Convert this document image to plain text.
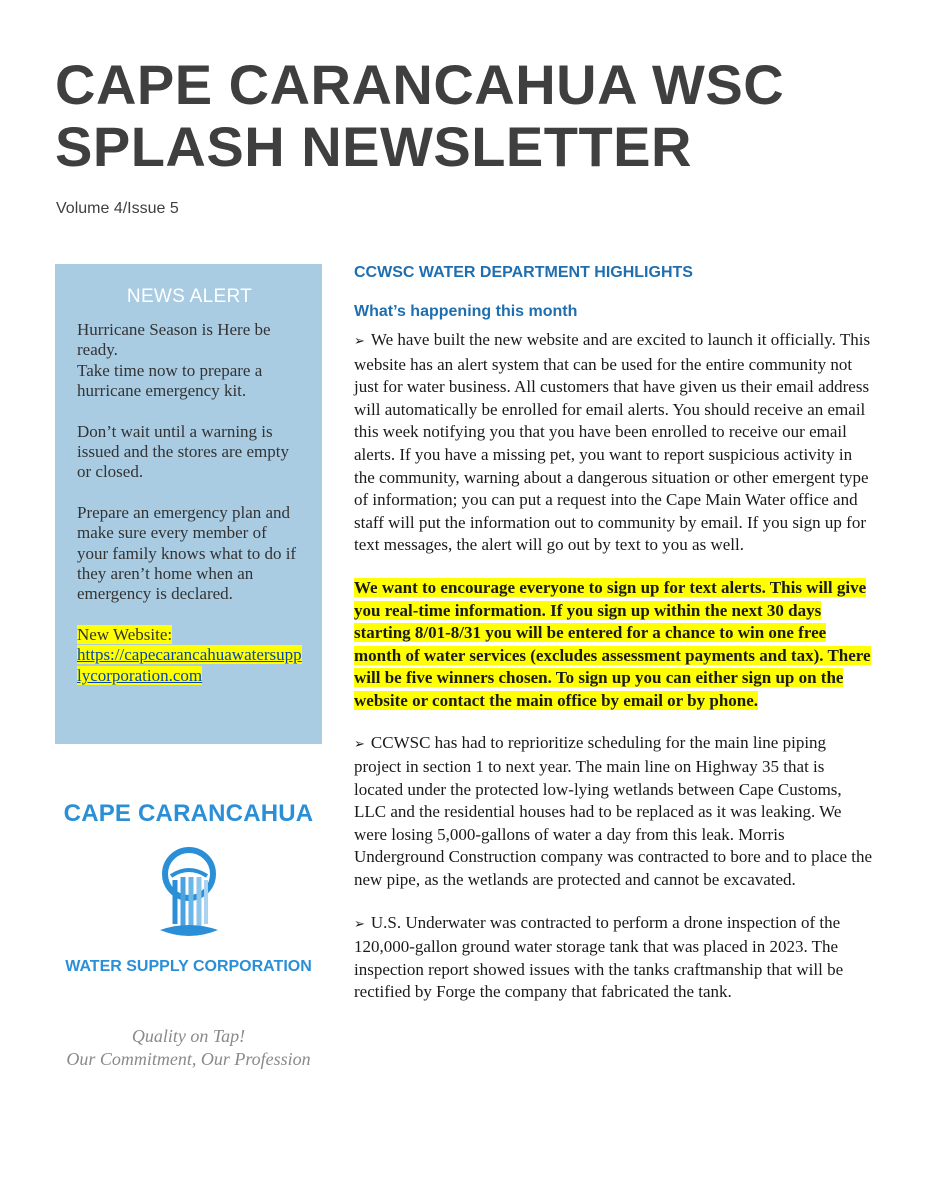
CAPE CARANCAHUA WSC
SPLASH NEWSLETTER
Volume 4/Issue 5
NEWS ALERT

Hurricane Season is Here be ready.
Take time now to prepare a hurricane emergency kit.

Don’t wait until a warning is issued and the stores are empty or closed.

Prepare an emergency plan and make sure every member of your family knows what to do if they aren’t home when an emergency is declared.

New Website:
https://capecarancahuawatersupplycorporation.com

CAPE CARANCAHUA
WATER SUPPLY CORPORATION
Quality on Tap!
Our Commitment, Our Profession
CCWSC WATER DEPARTMENT HIGHLIGHTS
What’s happening this month

➢ We have built the new website and are excited to launch it officially. This website has an alert system that can be used for the entire community not just for water business. All customers that have given us their email address will automatically be enrolled for email alerts. You should receive an email this week notifying you that you have been enrolled to receive our email alerts. If you have a missing pet, you want to report suspicious activity in the community, warning about a dangerous situation or other emergent type of information; you can put a request into the Cape Main Water office and staff will put the information out to community by email. If you sign up for text messages, the alert will go out by text to you as well.

We want to encourage everyone to sign up for text alerts. This will give you real-time information. If you sign up within the next 30 days starting 8/01-8/31 you will be entered for a chance to win one free month of water services (excludes assessment payments and tax). There will be five winners chosen. To sign up you can either sign up on the website or contact the main office by email or by phone.

➢ CCWSC has had to reprioritize scheduling for the main line piping project in section 1 to next year. The main line on Highway 35 that is located under the protected low-lying wetlands between Cape Customs, LLC and the residential houses had to be replaced as it was leaking. We were losing 5,000-gallons of water a day from this leak. Morris Underground Construction company was contracted to bore and to place the new pipe, as the wetlands are protected and cannot be excavated.

➢ U.S. Underwater was contracted to perform a drone inspection of the 120,000-gallon ground water storage tank that was placed in 2023. The inspection report showed issues with the tanks craftmanship that will be rectified by Forge the company that fabricated the tank.
